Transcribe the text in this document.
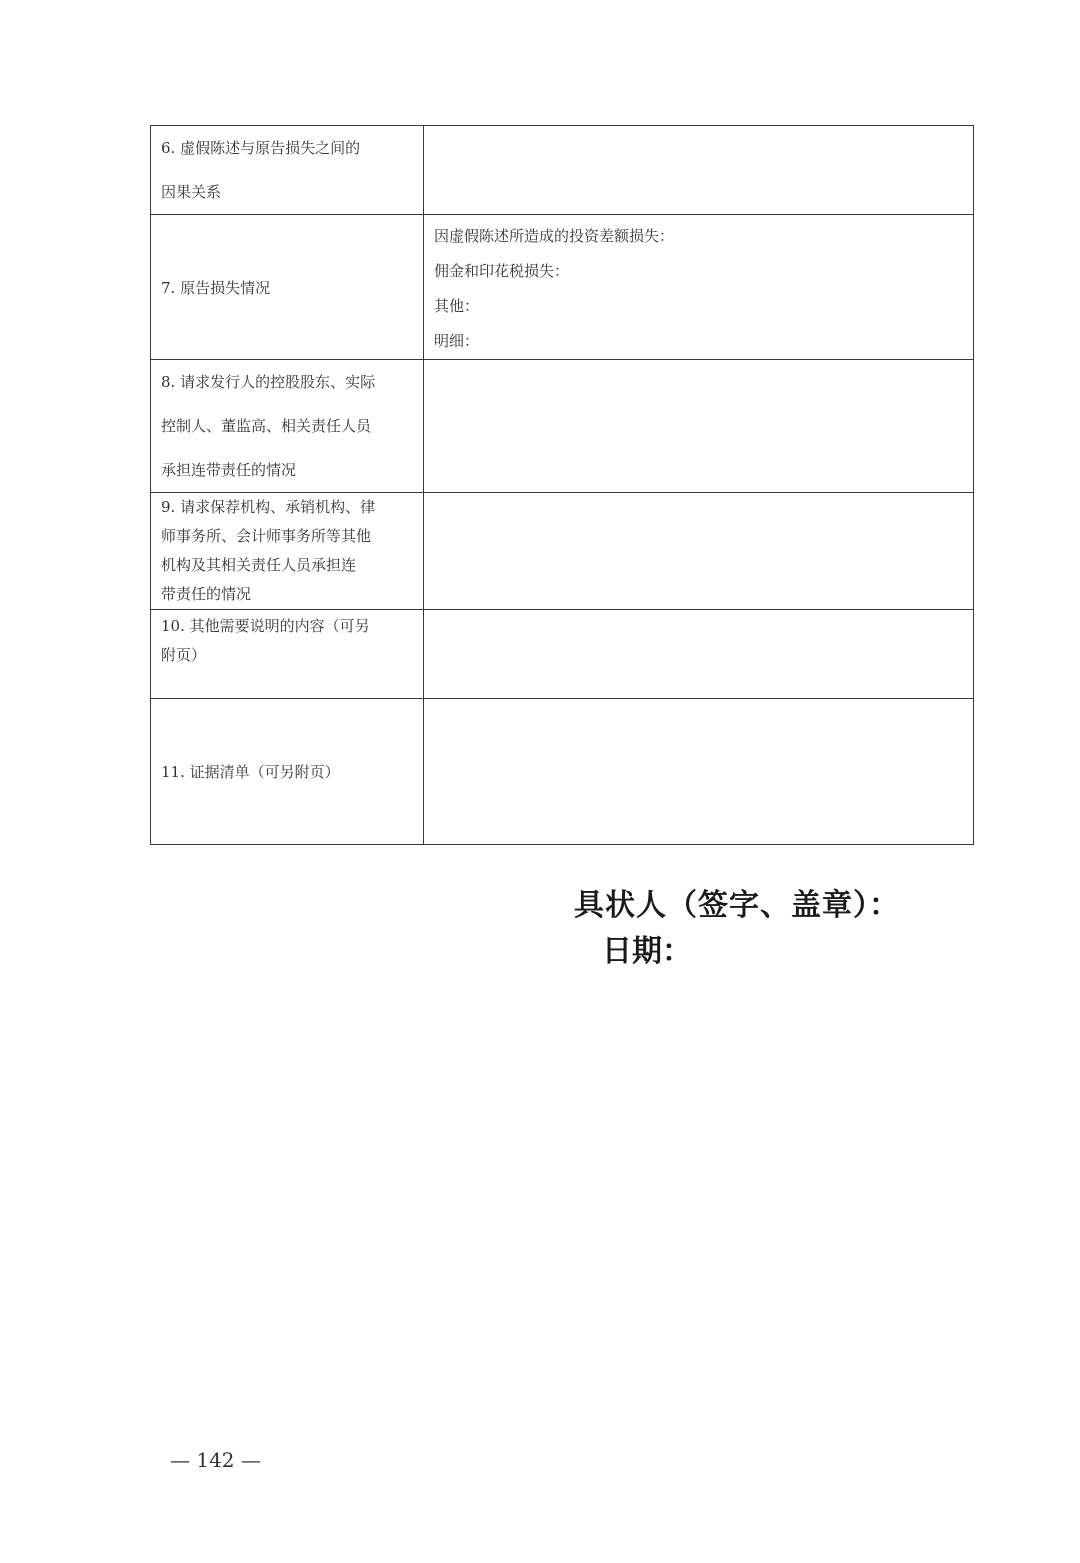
6. 虚假陈述与原告损失之间的
因果关系	

7. 原告损失情况	因虚假陈述所造成的投资差额损失：
佣金和印花税损失：
其他：
明细：

8. 请求发行人的控股股东、实际
控制人、董监高、相关责任人员
承担连带责任的情况	

9. 请求保荐机构、承销机构、律
师事务所、会计师事务所等其他
机构及其相关责任人员承担连
带责任的情况	

10. 其他需要说明的内容（可另
附页）	

11. 证据清单（可另附页）	

具状人（签字、盖章）：
日期：
— 142 —
